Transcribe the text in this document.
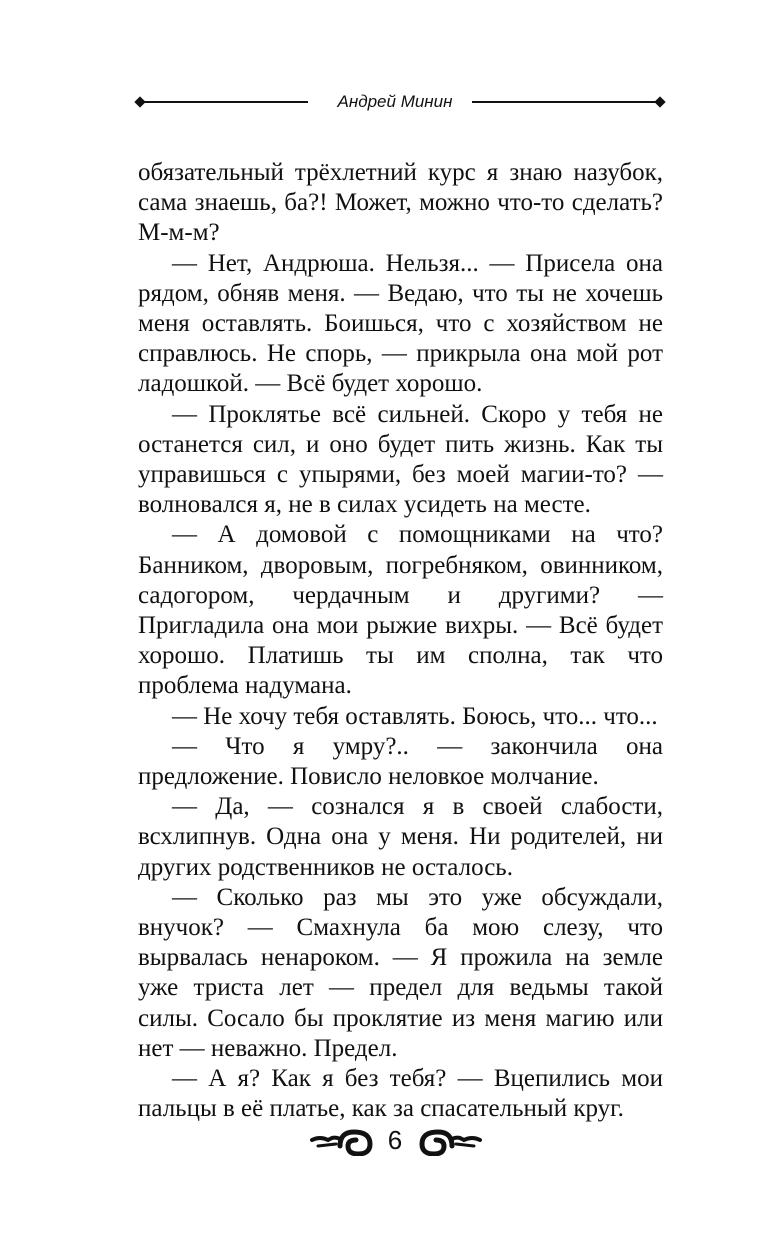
Андрей Минин

обязательный трёхлетний курс я знаю назубок, сама знаешь, ба?! Может, можно что-то сделать? М-м-м?

— Нет, Андрюша. Нельзя... — Присела она рядом, обняв меня. — Ведаю, что ты не хочешь меня оставлять. Боишься, что с хозяйством не справлюсь. Не спорь, — прикрыла она мой рот ладошкой. — Всё будет хорошо.

— Проклятье всё сильней. Скоро у тебя не останется сил, и оно будет пить жизнь. Как ты управишься с упырями, без моей магии-то? — волновался я, не в силах усидеть на месте.

— А домовой с помощниками на что? Банником, дворовым, погребняком, овинником, садогором, чердачным и другими? — Пригладила она мои рыжие вихры. — Всё будет хорошо. Платишь ты им сполна, так что проблема надумана.

— Не хочу тебя оставлять. Боюсь, что... что...

— Что я умру?.. — закончила она предложение. Повисло неловкое молчание.

— Да, — сознался я в своей слабости, всхлипнув. Одна она у меня. Ни родителей, ни других родственников не осталось.

— Сколько раз мы это уже обсуждали, внучок? — Смахнула ба мою слезу, что вырвалась ненароком. — Я прожила на земле уже триста лет — предел для ведьмы такой силы. Сосало бы проклятие из меня магию или нет — неважно. Предел.

— А я? Как я без тебя? — Вцепились мои пальцы в её платье, как за спасательный круг.

6
